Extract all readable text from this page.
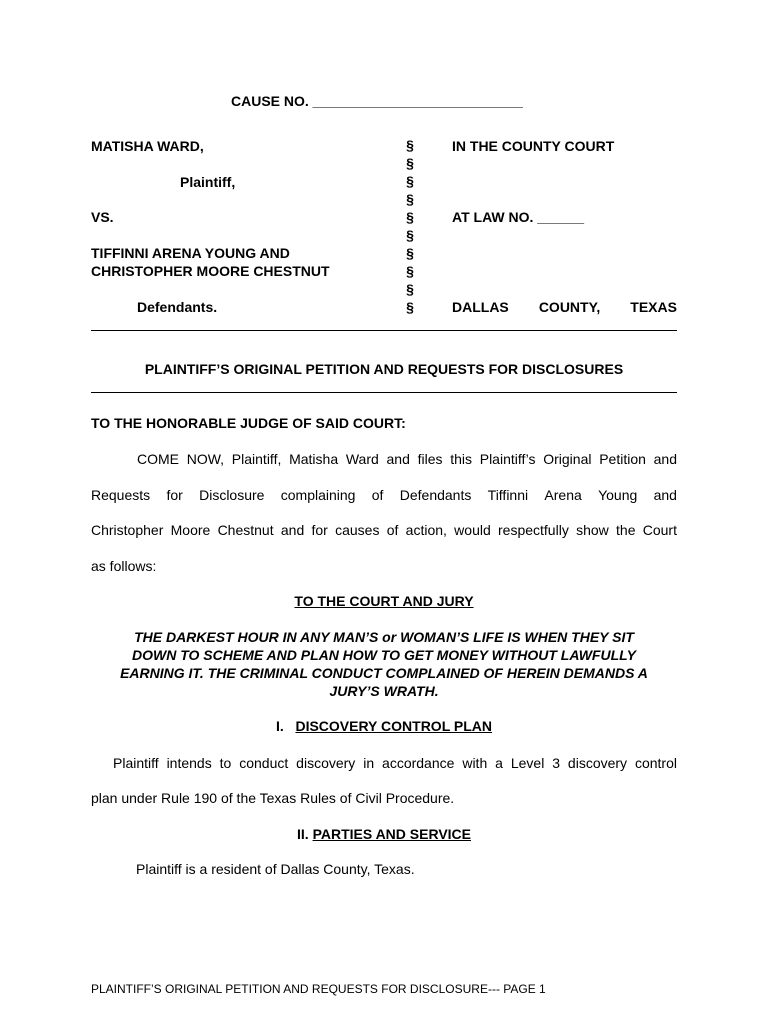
CAUSE NO. ___________________________
MATISHA WARD,
Plaintiff,
VS.
TIFFINNI ARENA YOUNG AND
CHRISTOPHER MOORE CHESTNUT
Defendants.
§
§
§
§
§
§
§
§
§
§
IN THE COUNTY COURT
AT LAW NO. ______
DALLAS COUNTY, TEXAS
PLAINTIFF’S ORIGINAL PETITION AND REQUESTS FOR DISCLOSURES
TO THE HONORABLE JUDGE OF SAID COURT:
COME NOW, Plaintiff, Matisha Ward and files this Plaintiff’s Original Petition and
Requests for Disclosure complaining of Defendants Tiffinni Arena Young and
Christopher Moore Chestnut and for causes of action, would respectfully show the Court
as follows:
TO THE COURT AND JURY
THE DARKEST HOUR IN ANY MAN’S or WOMAN’S LIFE IS WHEN THEY SIT
DOWN TO SCHEME AND PLAN HOW TO GET MONEY WITHOUT LAWFULLY
EARNING IT. THE CRIMINAL CONDUCT COMPLAINED OF HEREIN DEMANDS A
JURY’S WRATH.
I. DISCOVERY CONTROL PLAN
Plaintiff intends to conduct discovery in accordance with a Level 3 discovery control
plan under Rule 190 of the Texas Rules of Civil Procedure.
II. PARTIES AND SERVICE
Plaintiff is a resident of Dallas County, Texas.
PLAINTIFF’S ORIGINAL PETITION AND REQUESTS FOR DISCLOSURE--- PAGE 1
